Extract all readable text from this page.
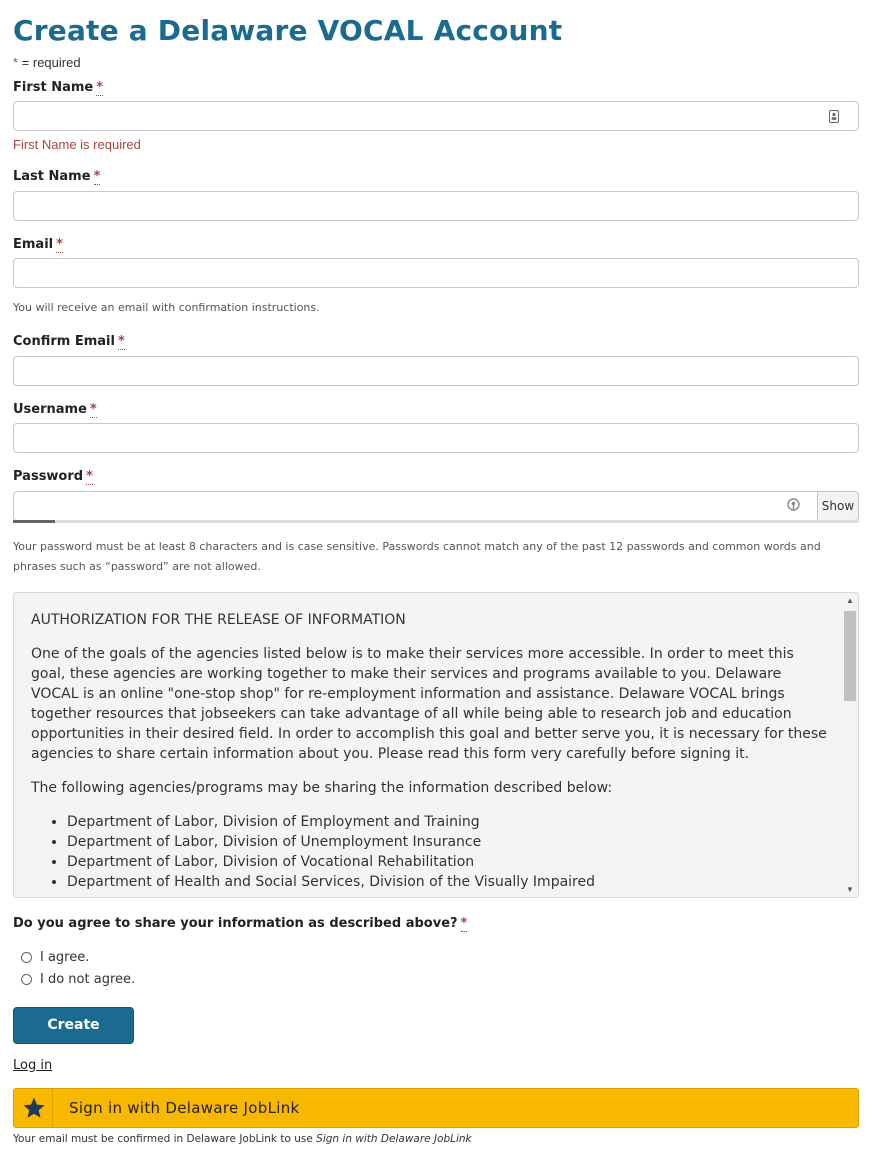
Create a Delaware VOCAL Account
* = required
First Name *
First Name is required
Last Name *
Email *
You will receive an email with confirmation instructions.
Confirm Email *
Username *
Password *
Show
Your password must be at least 8 characters and is case sensitive. Passwords cannot match any of the past 12 passwords and common words and phrases such as “password” are not allowed.

AUTHORIZATION FOR THE RELEASE OF INFORMATION

One of the goals of the agencies listed below is to make their services more accessible. In order to meet this goal, these agencies are working together to make their services and programs available to you. Delaware VOCAL is an online "one-stop shop" for re-employment information and assistance. Delaware VOCAL brings together resources that jobseekers can take advantage of all while being able to research job and education opportunities in their desired field. In order to accomplish this goal and better serve you, it is necessary for these agencies to share certain information about you. Please read this form very carefully before signing it.

The following agencies/programs may be sharing the information described below:

• Department of Labor, Division of Employment and Training
• Department of Labor, Division of Unemployment Insurance
• Department of Labor, Division of Vocational Rehabilitation
• Department of Health and Social Services, Division of the Visually Impaired
▲
▼
Do you agree to share your information as described above? *
I agree.
I do not agree.
Create Account
Log in
Sign in with Delaware JobLink
Your email must be confirmed in Delaware JobLink to use Sign in with Delaware JobLink
